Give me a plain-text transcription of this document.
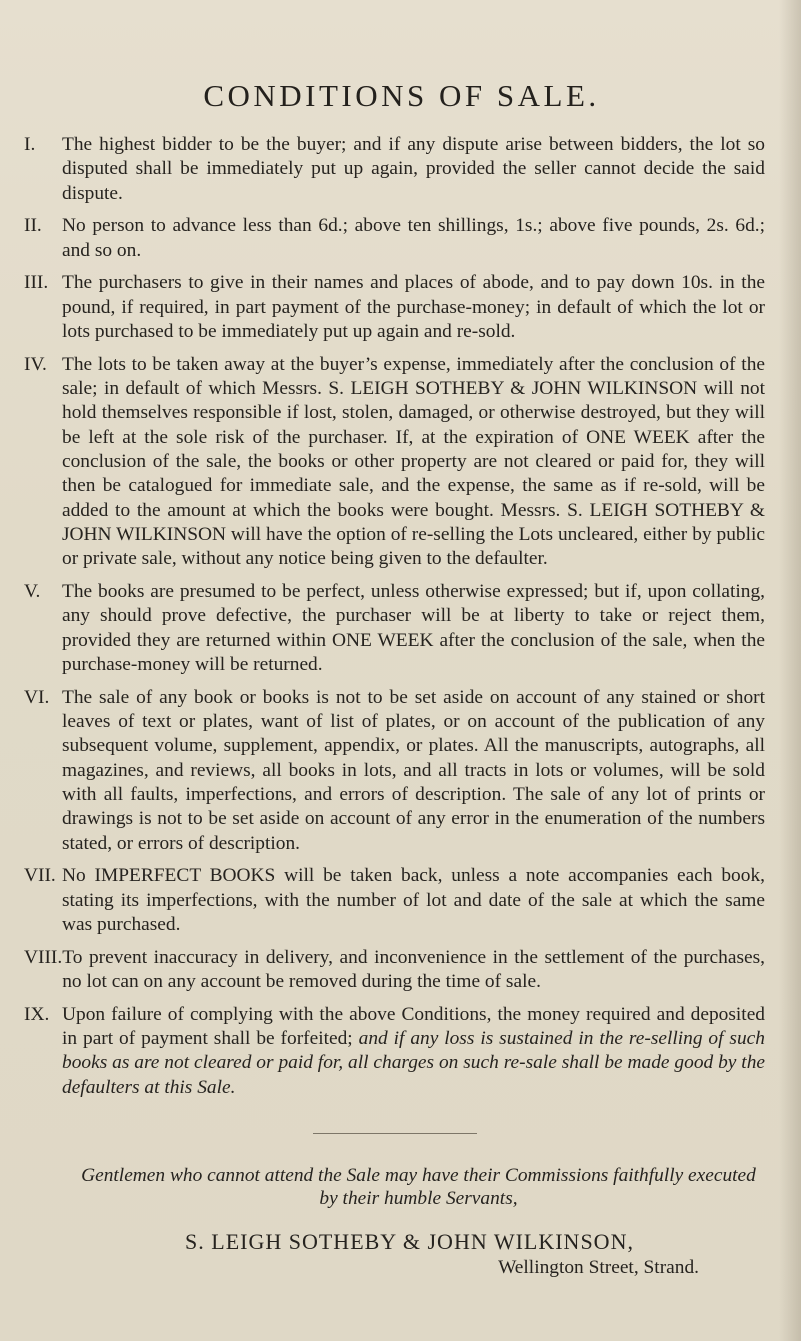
CONDITIONS OF SALE.
I.	The highest bidder to be the buyer; and if any dispute arise between bidders, the lot so disputed shall be immediately put up again, provided the seller cannot decide the said dispute.
II.	No person to advance less than 6d.; above ten shillings, 1s.; above five pounds, 2s. 6d.; and so on.
III. The purchasers to give in their names and places of abode, and to pay down 10s. in the pound, if required, in part payment of the purchase-money; in default of which the lot or lots purchased to be immediately put up again and re-sold.
IV. The lots to be taken away at the buyer’s expense, immediately after the conclusion of the sale; in default of which Messrs. S. LEIGH SOTHEBY & JOHN WILKINSON will not hold themselves responsible if lost, stolen, damaged, or otherwise destroyed, but they will be left at the sole risk of the purchaser. If, at the expiration of ONE WEEK after the conclusion of the sale, the books or other property are not cleared or paid for, they will then be catalogued for immediate sale, and the expense, the same as if re-sold, will be added to the amount at which the books were bought. Messrs. S. LEIGH SOTHEBY & JOHN WILKINSON will have the option of re-selling the Lots uncleared, either by public or private sale, without any notice being given to the defaulter.
V.	The books are presumed to be perfect, unless otherwise expressed; but if, upon collating, any should prove defective, the purchaser will be at liberty to take or reject them, provided they are returned within ONE WEEK after the conclusion of the sale, when the purchase-money will be returned.
VI. The sale of any book or books is not to be set aside on account of any stained or short leaves of text or plates, want of list of plates, or on account of the publication of any subsequent volume, supplement, appendix, or plates. All the manuscripts, autographs, all magazines, and reviews, all books in lots, and all tracts in lots or volumes, will be sold with all faults, imperfections, and errors of description. The sale of any lot of prints or drawings is not to be set aside on account of any error in the enumeration of the numbers stated, or errors of description.
VII. No IMPERFECT BOOKS will be taken back, unless a note accompanies each book, stating its imperfections, with the number of lot and date of the sale at which the same was purchased.
VIII. To prevent inaccuracy in delivery, and inconvenience in the settlement of the purchases, no lot can on any account be removed during the time of sale.
IX. Upon failure of complying with the above Conditions, the money required and deposited in part of payment shall be forfeited; and if any loss is sustained in the re-selling of such books as are not cleared or paid for, all charges on such re-sale shall be made good by the defaulters at this Sale.

Gentlemen who cannot attend the Sale may have their Commissions faithfully executed by their humble Servants,

S. LEIGH SOTHEBY & JOHN WILKINSON,
Wellington Street, Strand.
